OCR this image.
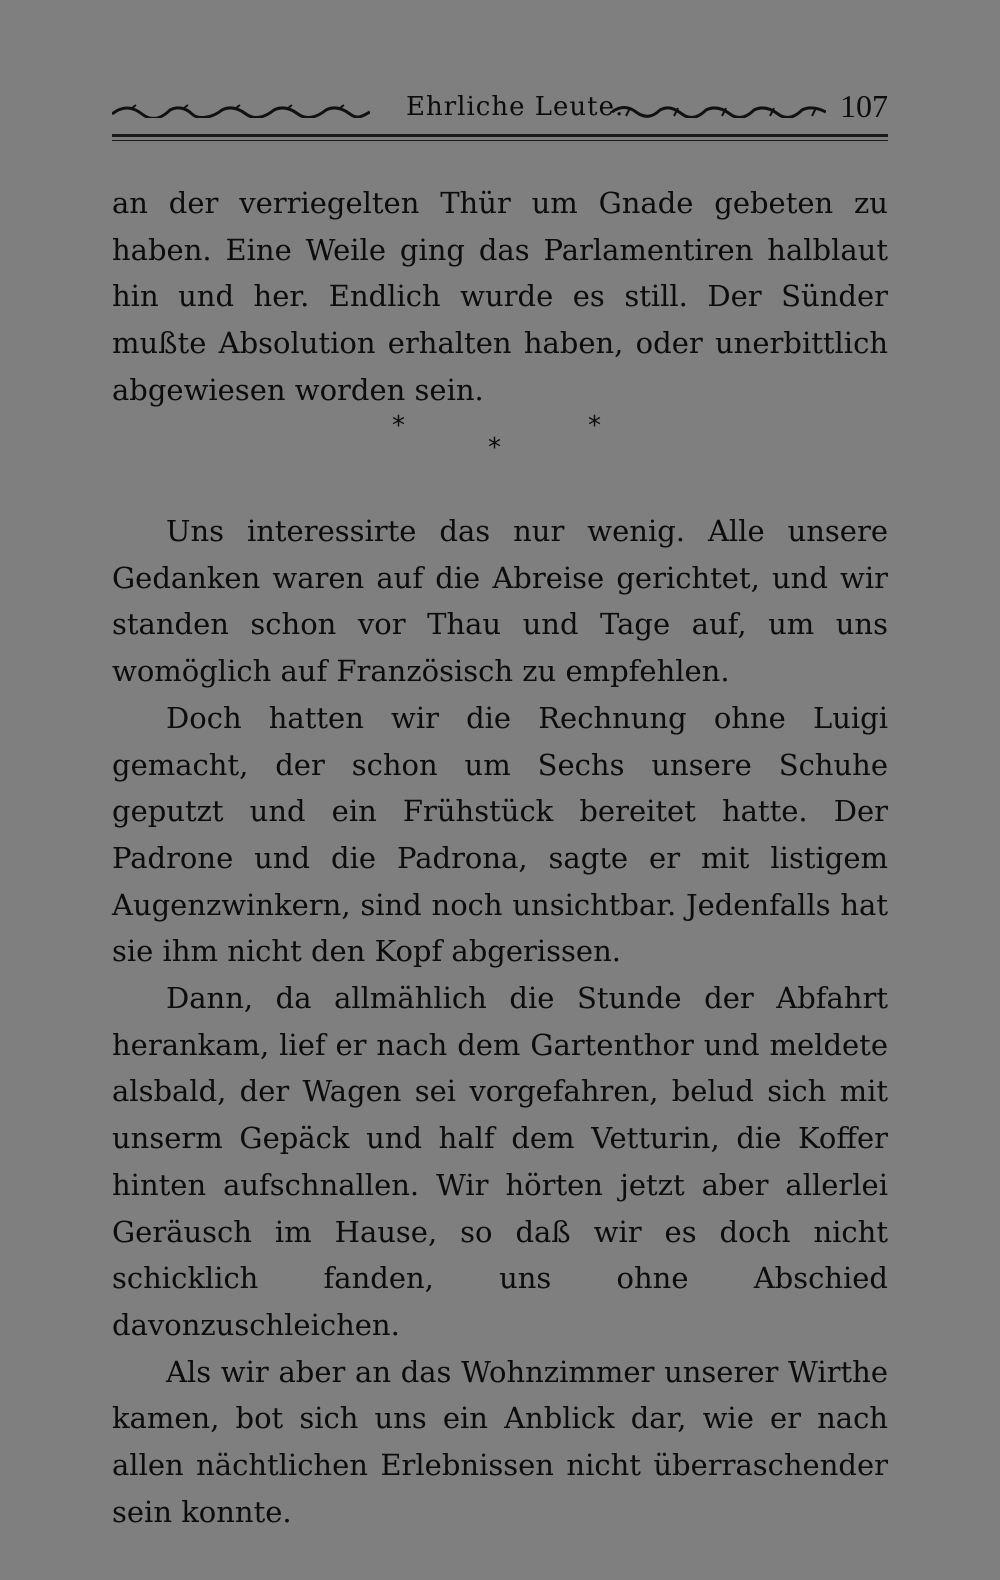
Ehrliche Leute.	107

an der verriegelten Thür um Gnade gebeten zu haben. Eine Weile ging das Parlamentiren halblaut hin und her. Endlich wurde es still. Der Sünder mußte Absolution erhalten haben, oder unerbittlich abgewiesen worden sein.

*	*
*

Uns interessirte das nur wenig. Alle unsere Gedanken waren auf die Abreise gerichtet, und wir standen schon vor Thau und Tage auf, um uns womöglich auf Französisch zu empfehlen.

Doch hatten wir die Rechnung ohne Luigi gemacht, der schon um Sechs unsere Schuhe geputzt und ein Frühstück bereitet hatte. Der Padrone und die Padrona, sagte er mit listigem Augenzwinkern, sind noch unsichtbar. Jedenfalls hat sie ihm nicht den Kopf abgerissen.

Dann, da allmählich die Stunde der Abfahrt herankam, lief er nach dem Gartenthor und meldete alsbald, der Wagen sei vorgefahren, belud sich mit unserm Gepäck und half dem Vetturin, die Koffer hinten aufschnallen. Wir hörten jetzt aber allerlei Geräusch im Hause, so daß wir es doch nicht schicklich fanden, uns ohne Abschied davonzuschleichen.

Als wir aber an das Wohnzimmer unserer Wirthe kamen, bot sich uns ein Anblick dar, wie er nach allen nächtlichen Erlebnissen nicht überraschender sein konnte.
